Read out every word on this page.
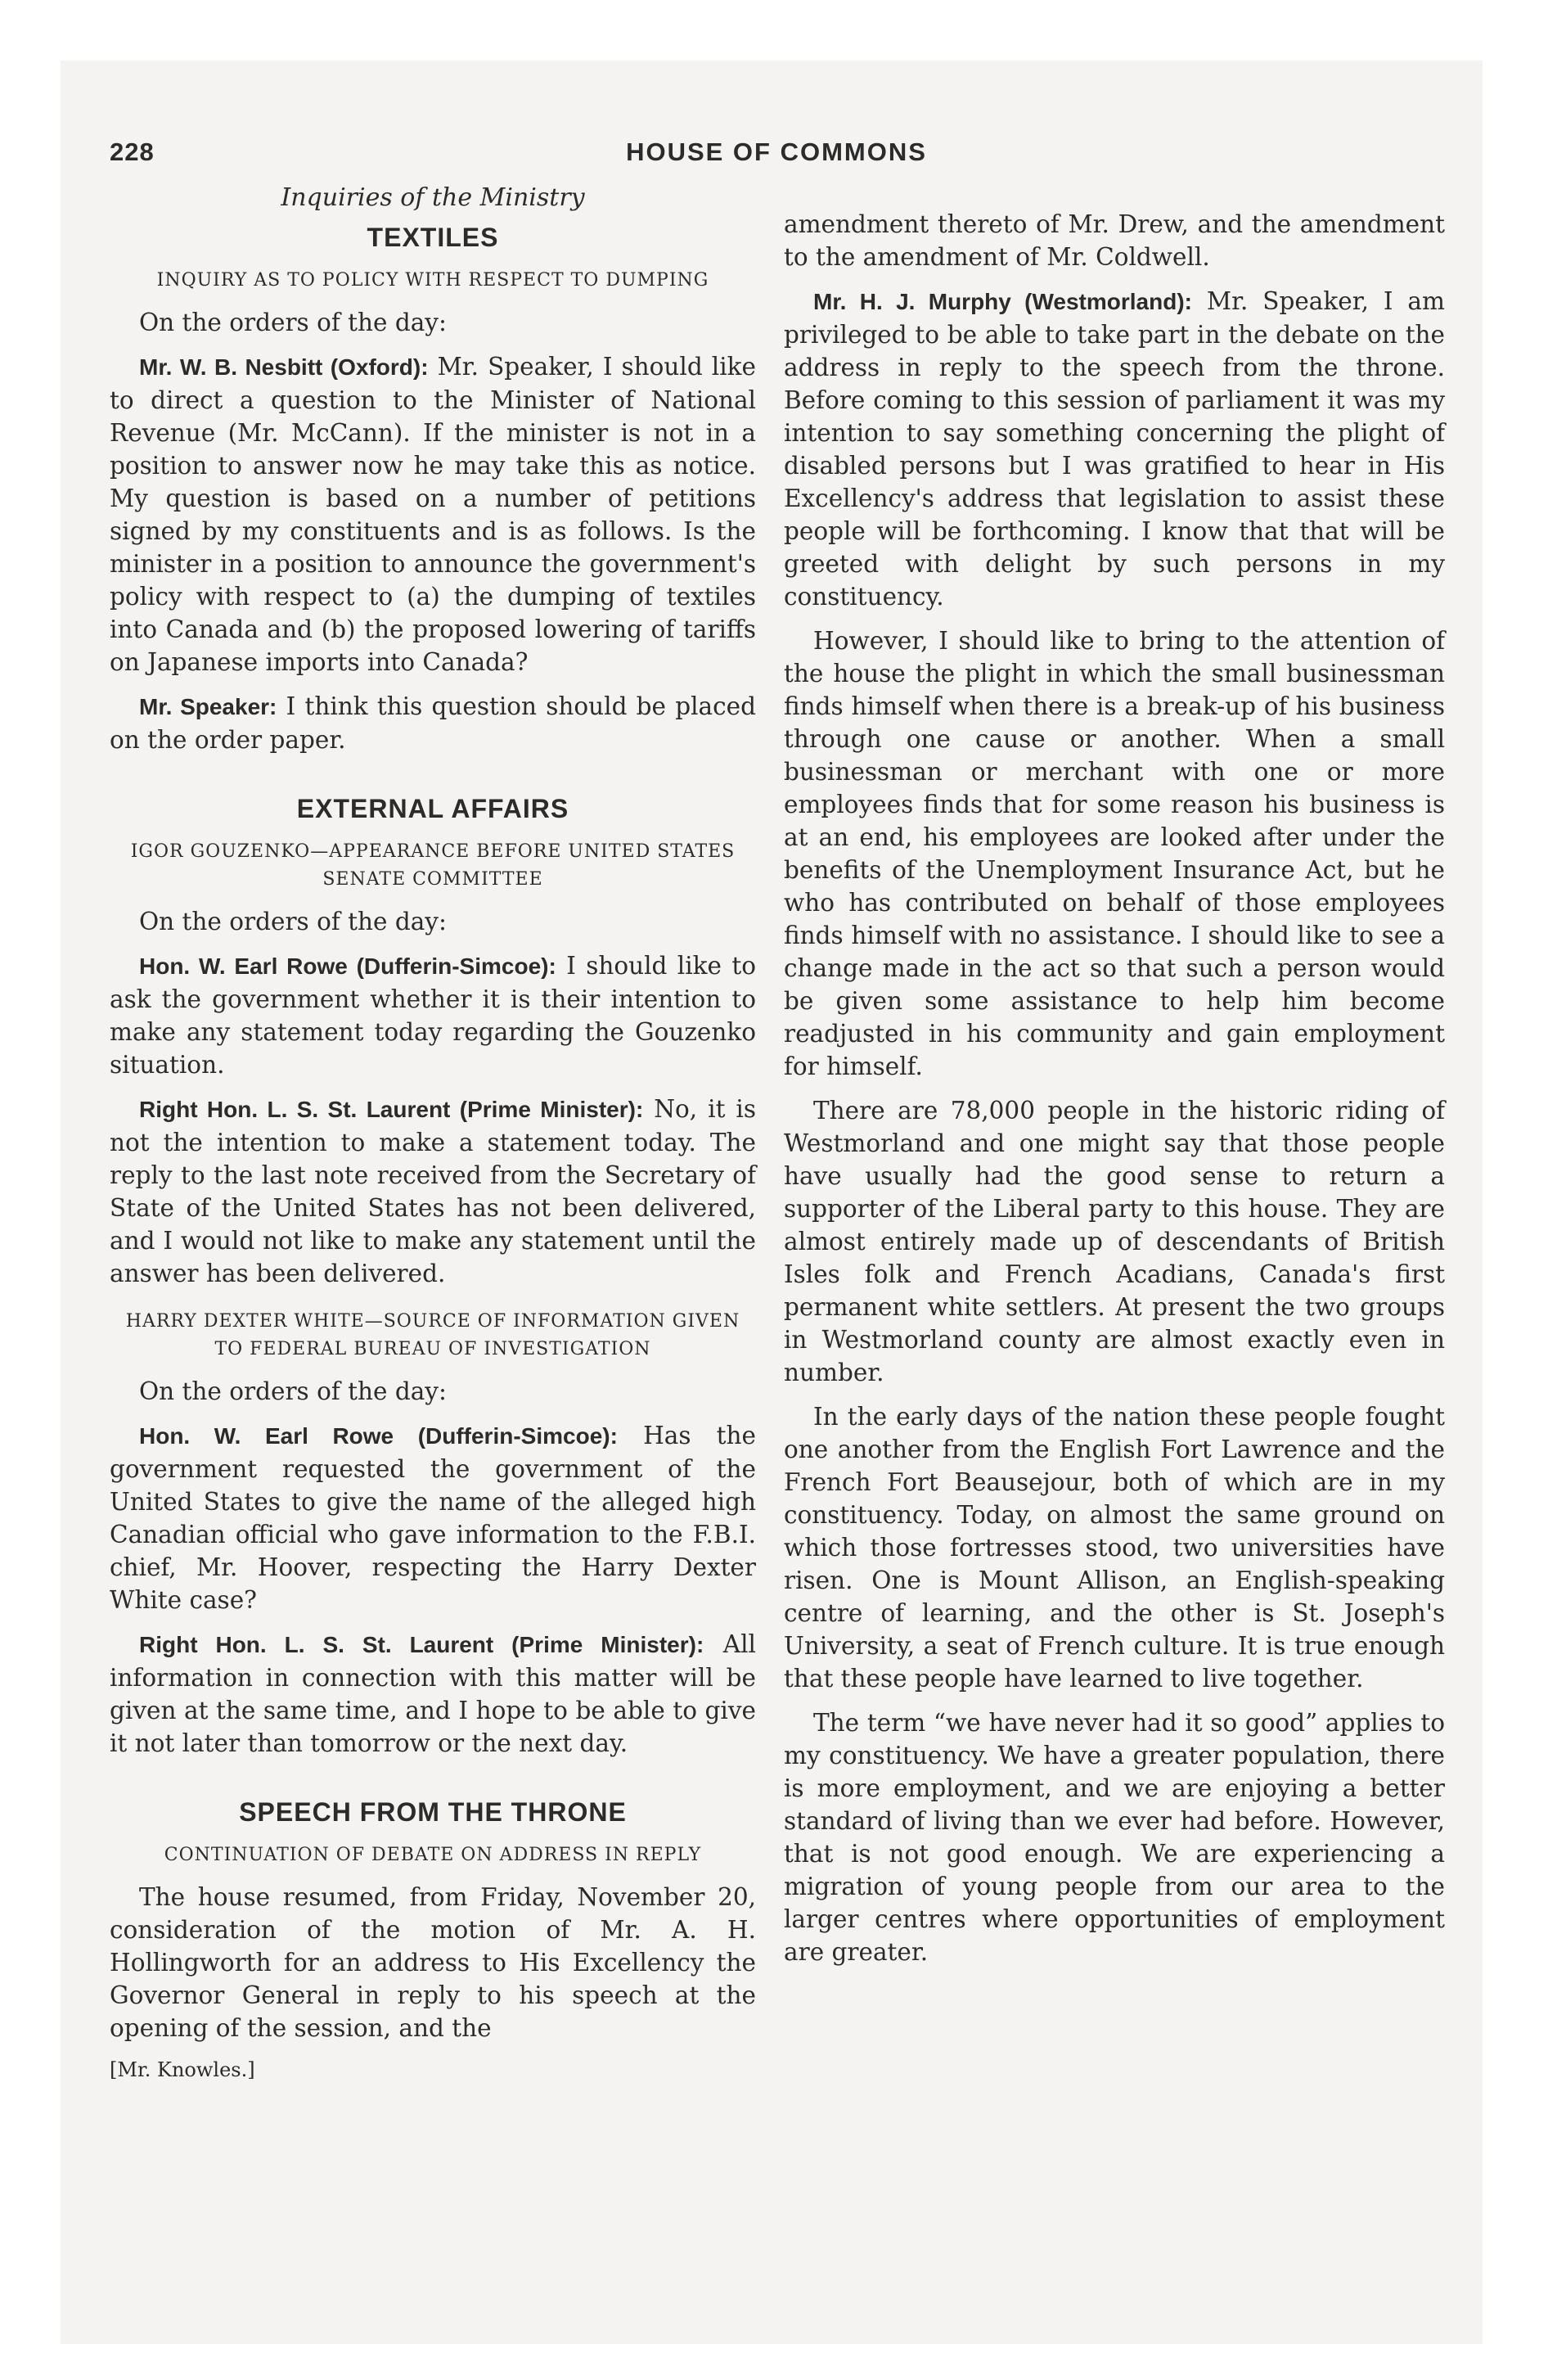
228	HOUSE OF COMMONS
Inquiries of the Ministry
TEXTILES
INQUIRY AS TO POLICY WITH RESPECT TO DUMPING

On the orders of the day:

Mr. W. B. Nesbitt (Oxford): Mr. Speaker, I should like to direct a question to the Minister of National Revenue (Mr. McCann). If the minister is not in a position to answer now he may take this as notice. My question is based on a number of petitions signed by my constituents and is as follows. Is the minister in a position to announce the government's policy with respect to (a) the dumping of textiles into Canada and (b) the proposed lowering of tariffs on Japanese imports into Canada?

Mr. Speaker: I think this question should be placed on the order paper.

EXTERNAL AFFAIRS
IGOR GOUZENKO—APPEARANCE BEFORE UNITED STATES SENATE COMMITTEE

On the orders of the day:

Hon. W. Earl Rowe (Dufferin-Simcoe): I should like to ask the government whether it is their intention to make any statement today regarding the Gouzenko situation.

Right Hon. L. S. St. Laurent (Prime Minister): No, it is not the intention to make a statement today. The reply to the last note received from the Secretary of State of the United States has not been delivered, and I would not like to make any statement until the answer has been delivered.

HARRY DEXTER WHITE—SOURCE OF INFORMATION GIVEN TO FEDERAL BUREAU OF INVESTIGATION

On the orders of the day:

Hon. W. Earl Rowe (Dufferin-Simcoe): Has the government requested the government of the United States to give the name of the alleged high Canadian official who gave information to the F.B.I. chief, Mr. Hoover, respecting the Harry Dexter White case?

Right Hon. L. S. St. Laurent (Prime Minister): All information in connection with this matter will be given at the same time, and I hope to be able to give it not later than tomorrow or the next day.

SPEECH FROM THE THRONE
CONTINUATION OF DEBATE ON ADDRESS IN REPLY

The house resumed, from Friday, November 20, consideration of the motion of Mr. A. H. Hollingworth for an address to His Excellency the Governor General in reply to his speech at the opening of the session, and the

[Mr. Knowles.]

amendment thereto of Mr. Drew, and the amendment to the amendment of Mr. Coldwell.

Mr. H. J. Murphy (Westmorland): Mr. Speaker, I am privileged to be able to take part in the debate on the address in reply to the speech from the throne. Before coming to this session of parliament it was my intention to say something concerning the plight of disabled persons but I was gratified to hear in His Excellency's address that legislation to assist these people will be forthcoming. I know that that will be greeted with delight by such persons in my constituency.

However, I should like to bring to the attention of the house the plight in which the small businessman finds himself when there is a break-up of his business through one cause or another. When a small businessman or merchant with one or more employees finds that for some reason his business is at an end, his employees are looked after under the benefits of the Unemployment Insurance Act, but he who has contributed on behalf of those employees finds himself with no assistance. I should like to see a change made in the act so that such a person would be given some assistance to help him become readjusted in his community and gain employment for himself.

There are 78,000 people in the historic riding of Westmorland and one might say that those people have usually had the good sense to return a supporter of the Liberal party to this house. They are almost entirely made up of descendants of British Isles folk and French Acadians, Canada's first permanent white settlers. At present the two groups in Westmorland county are almost exactly even in number.

In the early days of the nation these people fought one another from the English Fort Lawrence and the French Fort Beausejour, both of which are in my constituency. Today, on almost the same ground on which those fortresses stood, two universities have risen. One is Mount Allison, an English-speaking centre of learning, and the other is St. Joseph's University, a seat of French culture. It is true enough that these people have learned to live together.

The term “we have never had it so good” applies to my constituency. We have a greater population, there is more employment, and we are enjoying a better standard of living than we ever had before. However, that is not good enough. We are experiencing a migration of young people from our area to the larger centres where opportunities of employment are greater.
